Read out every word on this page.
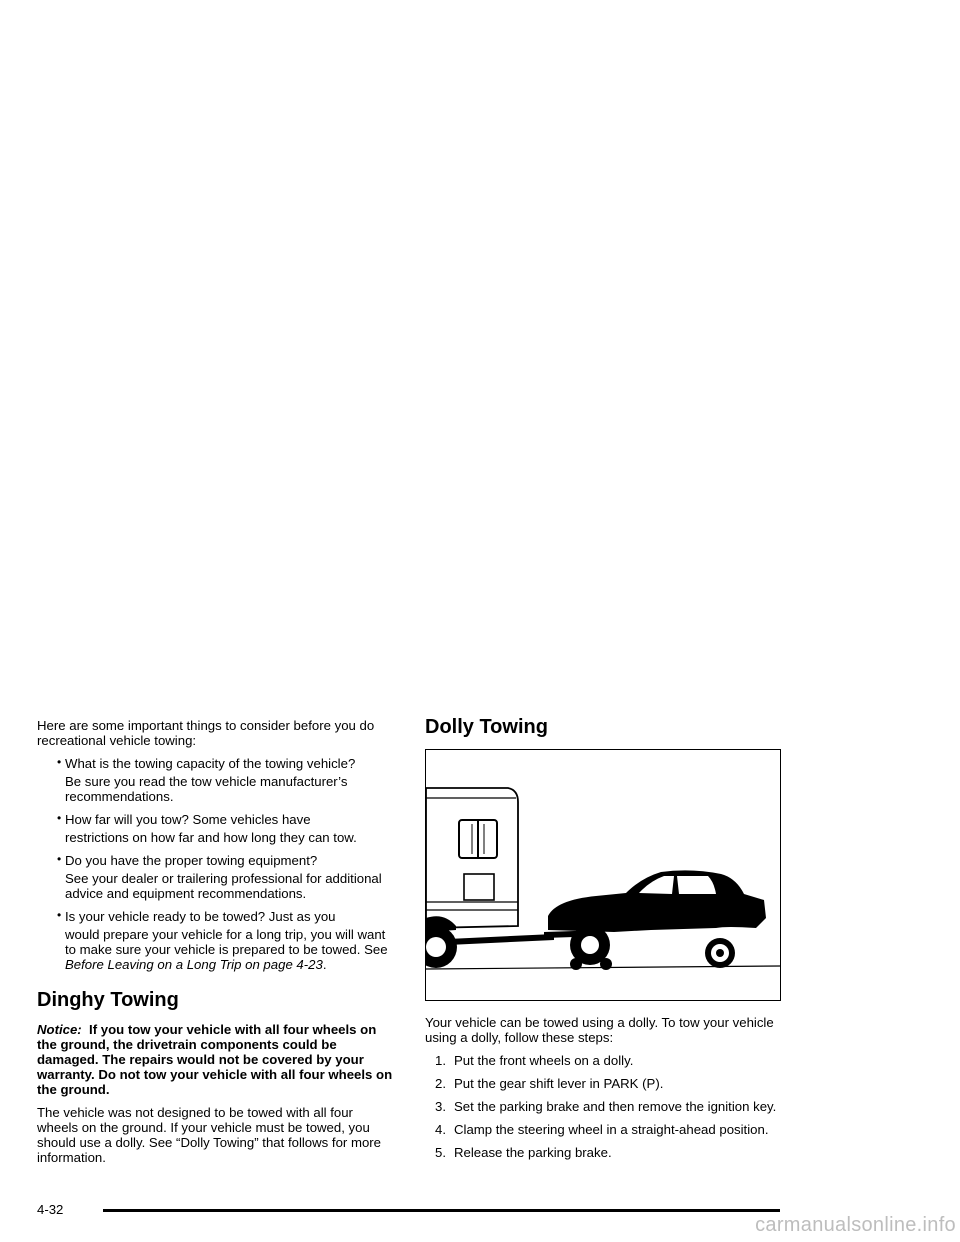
Here are some important things to consider before you do recreational vehicle towing:

• What is the towing capacity of the towing vehicle?
Be sure you read the tow vehicle manufacturer’s recommendations.
• How far will you tow? Some vehicles have
restrictions on how far and how long they can tow.
• Do you have the proper towing equipment?
See your dealer or trailering professional for additional advice and equipment recommendations.
• Is your vehicle ready to be towed? Just as you
would prepare your vehicle for a long trip, you will want to make sure your vehicle is prepared to be towed. See Before Leaving on a Long Trip on page 4-23.
Dinghy Towing

Notice: If you tow your vehicle with all four wheels on the ground, the drivetrain components could be damaged. The repairs would not be covered by your warranty. Do not tow your vehicle with all four wheels on the ground.

The vehicle was not designed to be towed with all four wheels on the ground. If your vehicle must be towed, you should use a dolly. See “Dolly Towing” that follows for more information.

Dolly Towing

Your vehicle can be towed using a dolly. To tow your vehicle using a dolly, follow these steps:

1. Put the front wheels on a dolly.
2. Put the gear shift lever in PARK (P).
3. Set the parking brake and then remove the ignition key.
4. Clamp the steering wheel in a straight-ahead position.
5. Release the parking brake.
4-32
carmanualsonline.info
